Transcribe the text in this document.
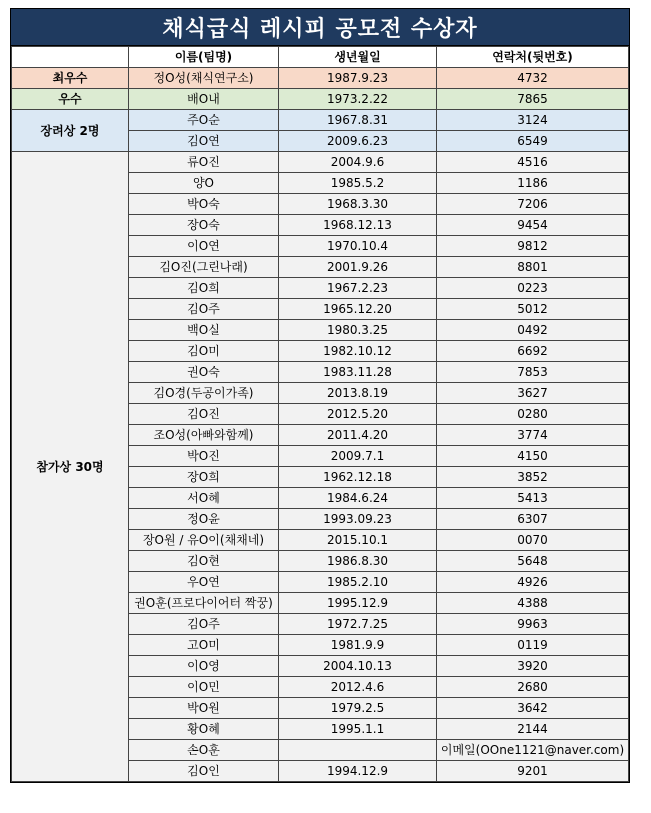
채식급식 레시피 공모전 수상자
	이름(팀명)	생년월일	연락처(뒷번호)
최우수	정O성(채식연구소)	1987.9.23	4732
우수	배O내	1973.2.22	7865
장려상 2명	주O순	1967.8.31	3124
	김O연	2009.6.23	6549
참가상 30명	류O진	2004.9.6	4516
	양O	1985.5.2	1186
	박O숙	1968.3.30	7206
	장O숙	1968.12.13	9454
	이O연	1970.10.4	9812
	김O진(그린나래)	2001.9.26	8801
	김O희	1967.2.23	0223
	김O주	1965.12.20	5012
	백O실	1980.3.25	0492
	김O미	1982.10.12	6692
	권O숙	1983.11.28	7853
	김O경(두공이가족)	2013.8.19	3627
	김O진	2012.5.20	0280
	조O성(아빠와함께)	2011.4.20	3774
	박O진	2009.7.1	4150
	장O희	1962.12.18	3852
	서O혜	1984.6.24	5413
	정O윤	1993.09.23	6307
	장O원 / 유O이(채채네)	2015.10.1	0070
	김O현	1986.8.30	5648
	우O연	1985.2.10	4926
	권O훈(프로다이어터 짝꿍)	1995.12.9	4388
	김O주	1972.7.25	9963
	고O미	1981.9.9	0119
	이O영	2004.10.13	3920
	이O민	2012.4.6	2680
	박O원	1979.2.5	3642
	황O혜	1995.1.1	2144
	손O훈		이메일(OOne1121@naver.com)
	김O인	1994.12.9	9201
